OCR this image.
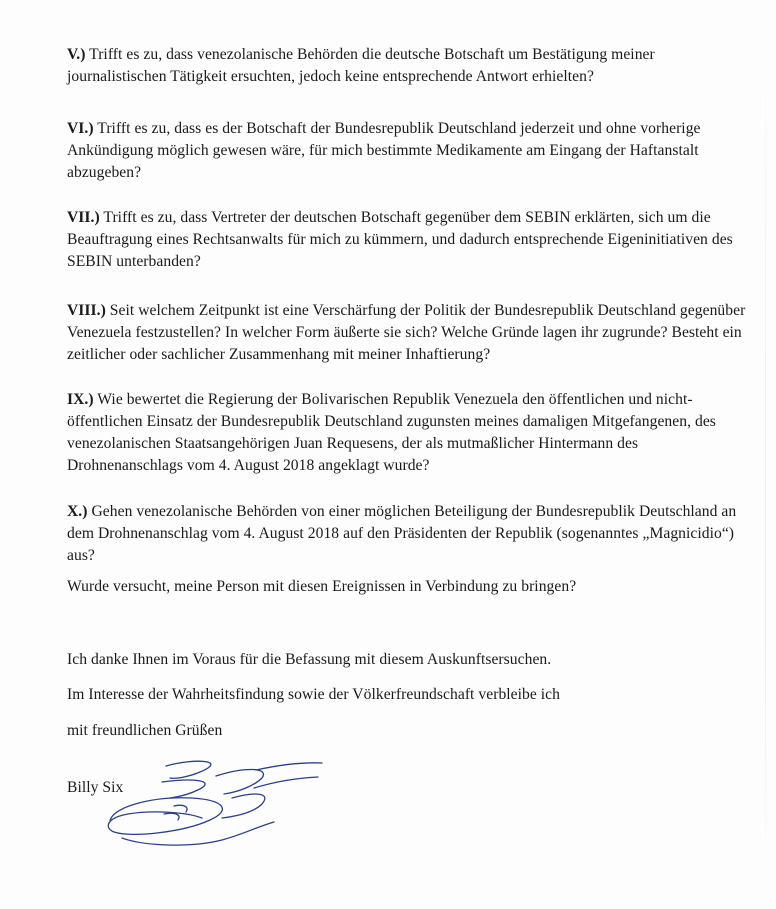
V.) Trifft es zu, dass venezolanische Behörden die deutsche Botschaft um Bestätigung meiner journalistischen Tätigkeit ersuchten, jedoch keine entsprechende Antwort erhielten?
VI.) Trifft es zu, dass es der Botschaft der Bundesrepublik Deutschland jederzeit und ohne vorherige Ankündigung möglich gewesen wäre, für mich bestimmte Medikamente am Eingang der Haftanstalt abzugeben?
VII.) Trifft es zu, dass Vertreter der deutschen Botschaft gegenüber dem SEBIN erklärten, sich um die Beauftragung eines Rechtsanwalts für mich zu kümmern, und dadurch entsprechende Eigeninitiativen des SEBIN unterbanden?
VIII.) Seit welchem Zeitpunkt ist eine Verschärfung der Politik der Bundesrepublik Deutschland gegenüber Venezuela festzustellen? In welcher Form äußerte sie sich? Welche Gründe lagen ihr zugrunde? Besteht ein zeitlicher oder sachlicher Zusammenhang mit meiner Inhaftierung?
IX.) Wie bewertet die Regierung der Bolivarischen Republik Venezuela den öffentlichen und nicht-öffentlichen Einsatz der Bundesrepublik Deutschland zugunsten meines damaligen Mitgefangenen, des venezolanischen Staatsangehörigen Juan Requesens, der als mutmaßlicher Hintermann des Drohnenanschlags vom 4. August 2018 angeklagt wurde?
X.) Gehen venezolanische Behörden von einer möglichen Beteiligung der Bundesrepublik Deutschland an dem Drohnenanschlag vom 4. August 2018 auf den Präsidenten der Republik (sogenanntes „Magnicidio“) aus?
Wurde versucht, meine Person mit diesen Ereignissen in Verbindung zu bringen?
Ich danke Ihnen im Voraus für die Befassung mit diesem Auskunftsersuchen.
Im Interesse der Wahrheitsfindung sowie der Völkerfreundschaft verbleibe ich
mit freundlichen Grüßen
Billy Six
